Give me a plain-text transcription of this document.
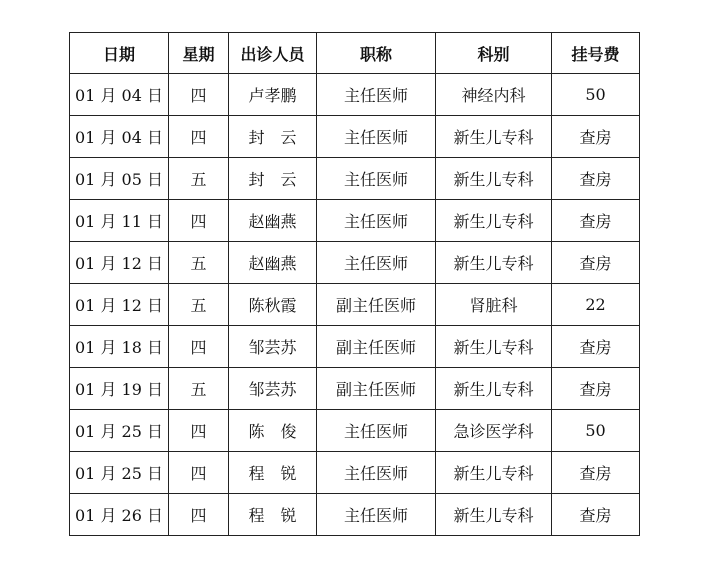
日期	星期	出诊人员	职称	科别	挂号费
01 月 04 日	四	卢孝鹏	主任医师	神经内科	50
01 月 04 日	四	封　云	主任医师	新生儿专科	查房
01 月 05 日	五	封　云	主任医师	新生儿专科	查房
01 月 11 日	四	赵幽燕	主任医师	新生儿专科	查房
01 月 12 日	五	赵幽燕	主任医师	新生儿专科	查房
01 月 12 日	五	陈秋霞	副主任医师	肾脏科	22
01 月 18 日	四	邹芸苏	副主任医师	新生儿专科	查房
01 月 19 日	五	邹芸苏	副主任医师	新生儿专科	查房
01 月 25 日	四	陈　俊	主任医师	急诊医学科	50
01 月 25 日	四	程　锐	主任医师	新生儿专科	查房
01 月 26 日	四	程　锐	主任医师	新生儿专科	查房
